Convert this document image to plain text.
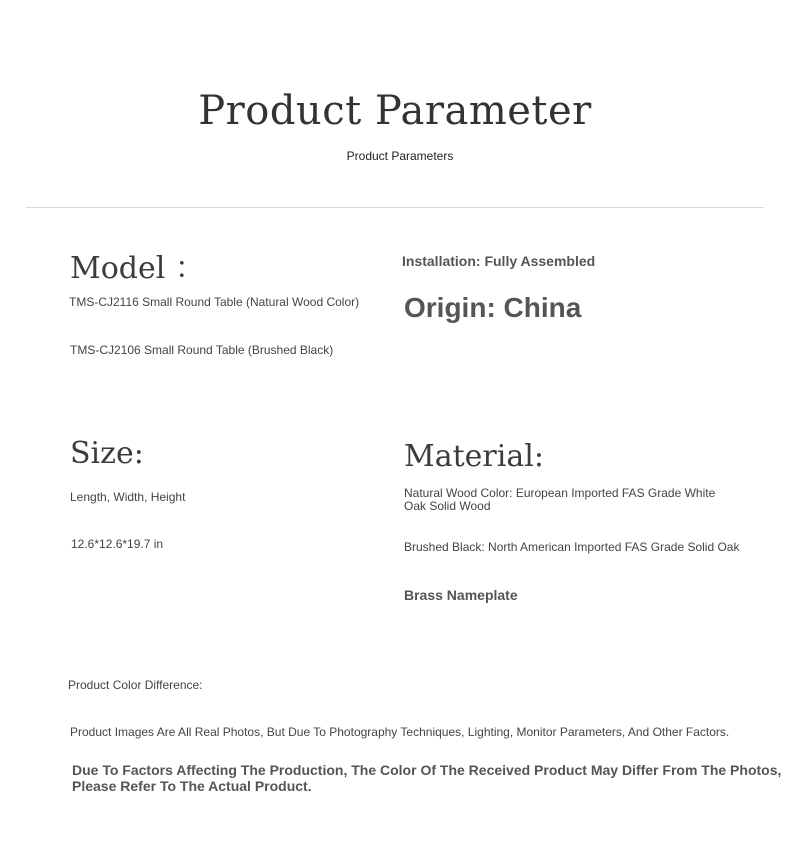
Product Parameter
Product Parameters
Model ：
TMS-CJ2116 Small Round Table (Natural Wood Color)
TMS-CJ2106 Small Round Table (Brushed Black)
Installation: Fully Assembled
Origin: China
Size:
Length, Width, Height
12.6*12.6*19.7 in
Material:
Natural Wood Color: European Imported FAS Grade White
Oak Solid Wood
Brushed Black: North American Imported FAS Grade Solid Oak
Brass Nameplate
Product Color Difference:
Product Images Are All Real Photos, But Due To Photography Techniques, Lighting, Monitor Parameters, And Other Factors.
Due To Factors Affecting The Production, The Color Of The Received Product May Differ From The Photos,
Please Refer To The Actual Product.
